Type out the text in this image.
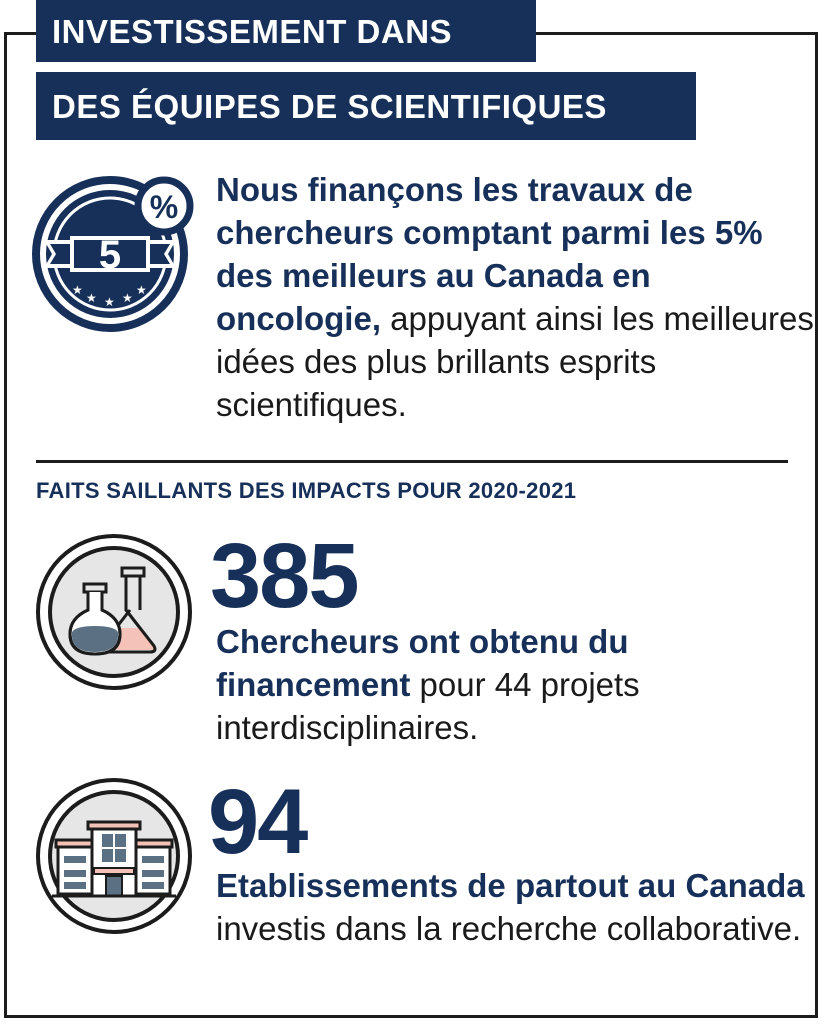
INVESTISSEMENT DANS
DES ÉQUIPES DE SCIENTIFIQUES
5
★
★ ★ ★
★
% Nous finançons les travaux de chercheurs comptant parmi les 5% des meilleurs au Canada en oncologie, appuyant ainsi les meilleures idées des plus brillants esprits scientifiques.

FAITS SAILLANTS DES IMPACTS POUR 2020-2021

385

Chercheurs ont obtenu du financement pour 44 projets interdisciplinaires.

94

Etablissements de partout au Canada investis dans la recherche collaborative.
